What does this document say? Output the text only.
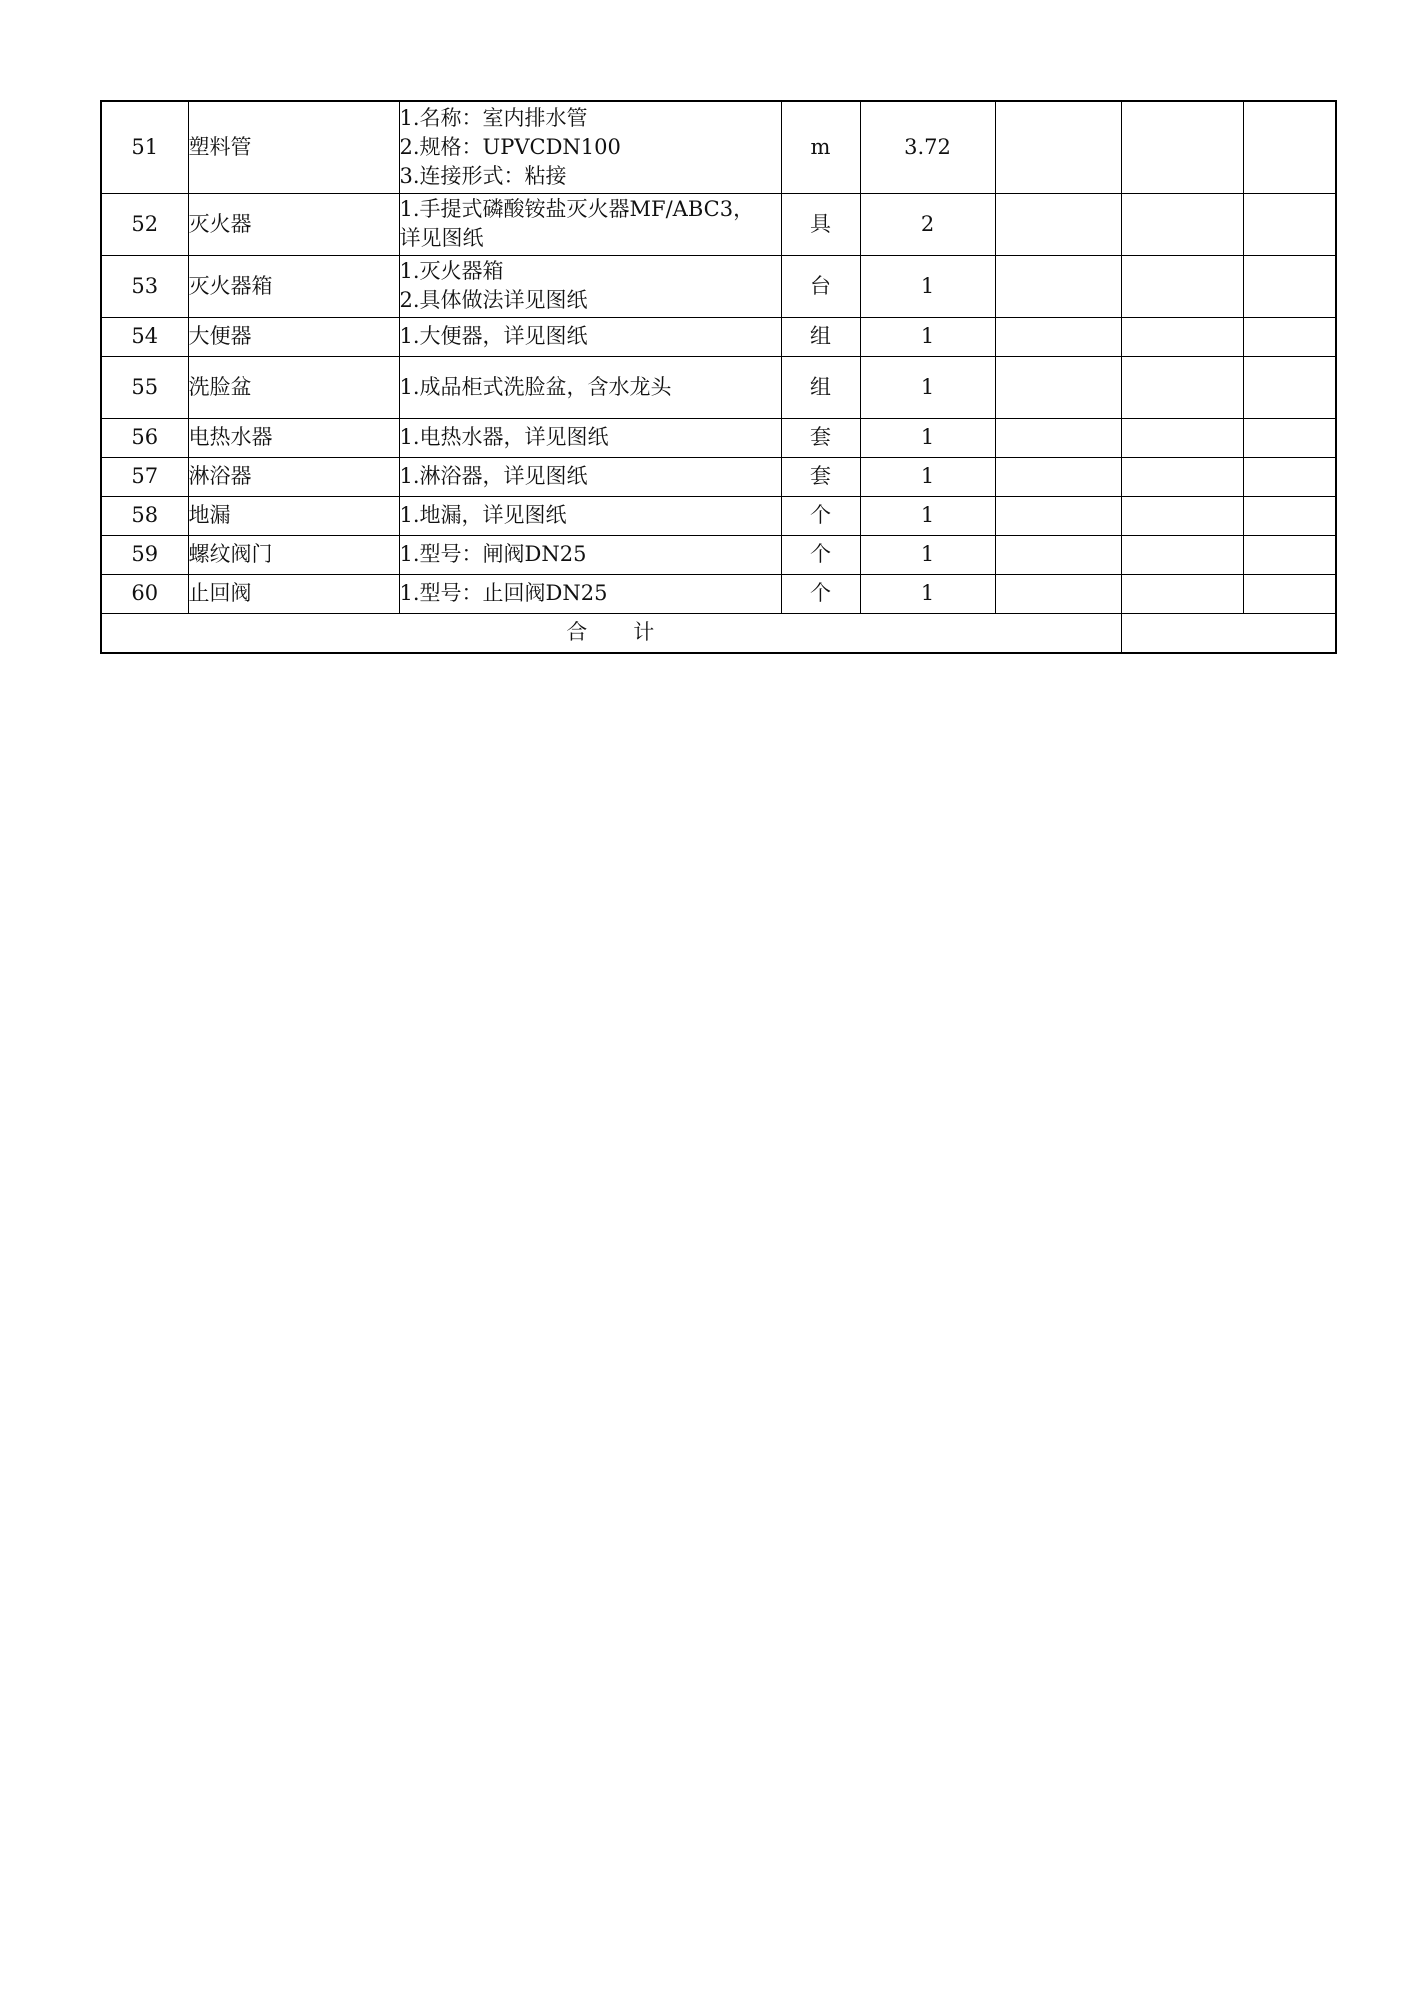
51	塑料管	1.名称：室内排水管
2.规格：UPVCDN100
3.连接形式：粘接	m	3.72			
52	灭火器	1.手提式磷酸铵盐灭火器MF/ABC3，
详见图纸	具	2			
53	灭火器箱	1.灭火器箱
2.具体做法详见图纸	台	1			
54	大便器	1.大便器，详见图纸	组	1			
55	洗脸盆	1.成品柜式洗脸盆，含水龙头	组	1			
56	电热水器	1.电热水器，详见图纸	套	1			
57	淋浴器	1.淋浴器，详见图纸	套	1			
58	地漏	1.地漏，详见图纸	个	1			
59	螺纹阀门	1.型号：闸阀DN25	个	1			
60	止回阀	1.型号：止回阀DN25	个	1			
合 计							
